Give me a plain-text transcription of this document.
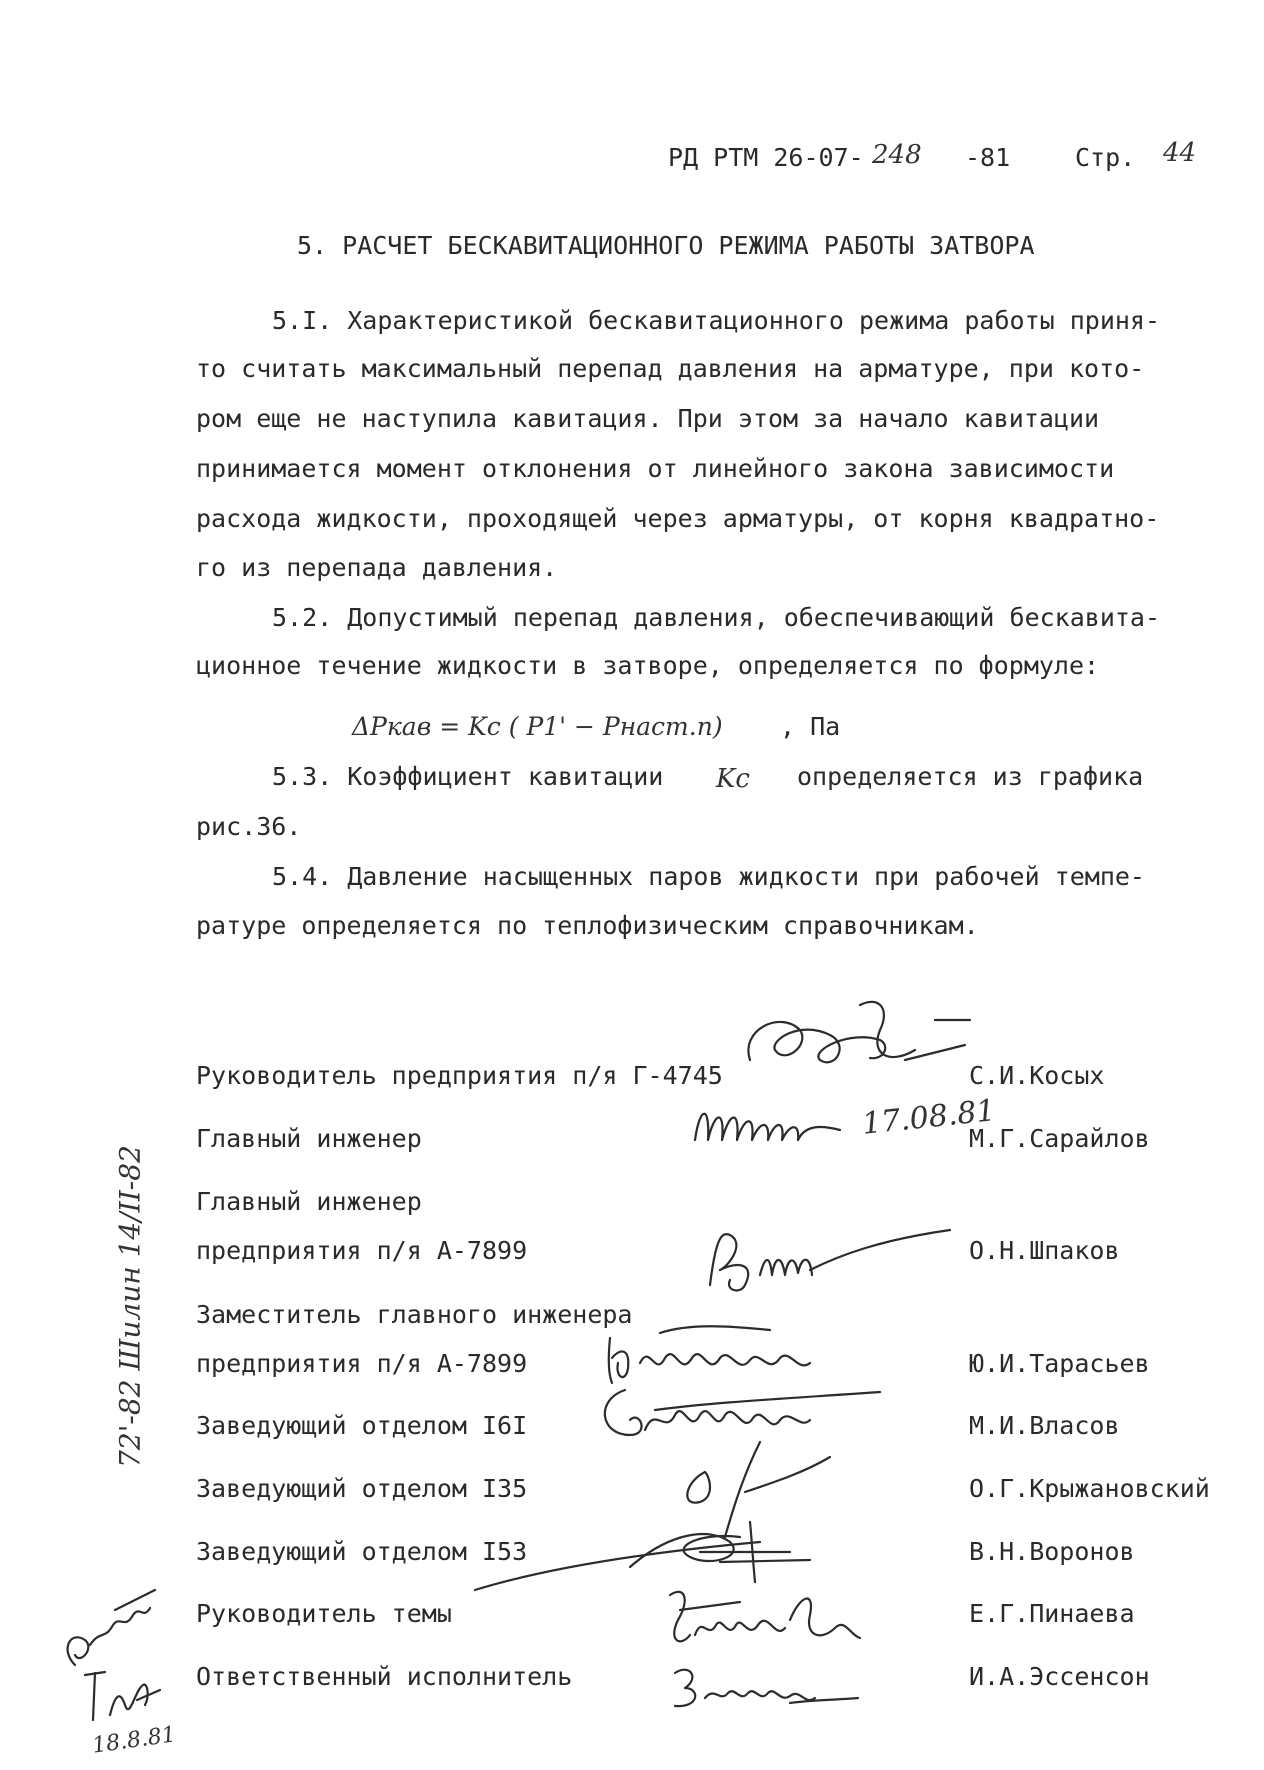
РД РТМ 26-07- 248 -81	Стр. 44
5. РАСЧЕТ БЕСКАВИТАЦИОННОГО РЕЖИМА РАБОТЫ ЗАТВОРА
5.I. Характеристикой бескавитационного режима работы приня-
то считать максимальный перепад давления на арматуре, при кото-
ром еще не наступила кавитация. При этом за начало кавитации
принимается момент отклонения от линейного закона зависимости
расхода жидкости, проходящей через арматуры, от корня квадратно-
го из перепада давления.
5.2. Допустимый перепад давления, обеспечивающий бескавита-
ционное течение жидкости в затворе, определяется по формуле:
ΔPкав = Kc ( P1' − Pнаст.п) , Па
5.3. Коэффициент кавитации Kc определяется из графика
рис.36.
5.4. Давление насыщенных паров жидкости при рабочей темпе-
ратуре определяется по теплофизическим справочникам.
Руководитель предприятия п/я Г-4745
Главный инженер
Главный инженер
предприятия п/я А-7899
Заместитель главного инженера
предприятия п/я А-7899
Заведующий отделом I6I
Заведующий отделом I35
Заведующий отделом I53
Руководитель темы
Ответственный исполнитель
С.И.Косых
М.Г.Сарайлов
О.Н.Шпаков
Ю.И.Тарасьев
М.И.Власов
О.Г.Крыжановский
В.Н.Воронов
Е.Г.Пинаева
И.А.Эссенсон
17.08.81
72'-82 Шилин 14/II-82
18.8.81
